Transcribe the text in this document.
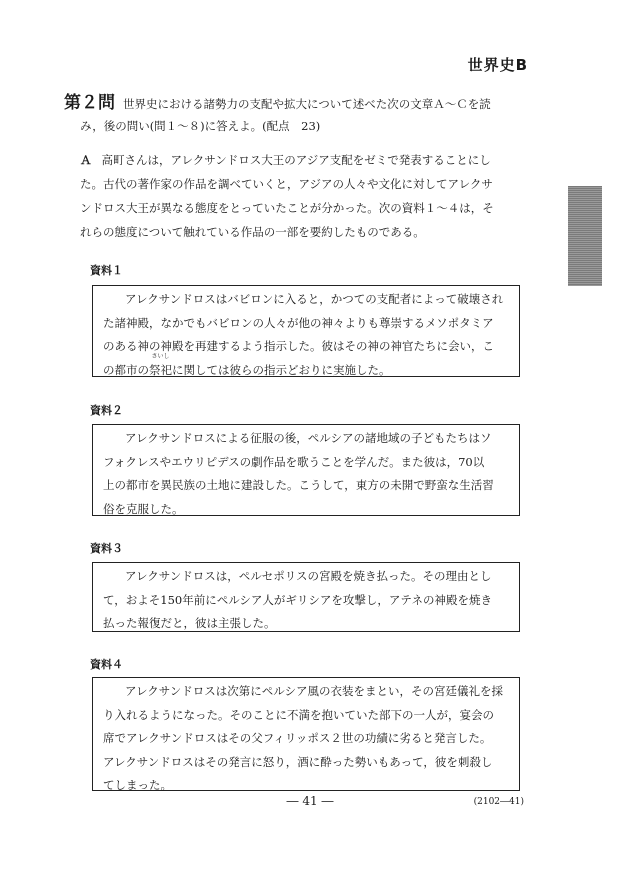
世界史B
第２問 世界史における諸勢力の支配や拡大について述べた次の文章Ａ～Ｃを読
み，後の問い(問１～８)に答えよ。(配点　23)
Ａ 高町さんは，アレクサンドロス大王のアジア支配をゼミで発表することにし
た。古代の著作家の作品を調べていくと，アジアの人々や文化に対してアレクサ
ンドロス大王が異なる態度をとっていたことが分かった。次の資料１～４は，そ
れらの態度について触れている作品の一部を要約したものである。
資料１
アレクサンドロスはバビロンに入ると，かつての支配者によって破壊され
た諸神殿，なかでもバビロンの人々が他の神々よりも尊崇するメソポタミア
のある神の神殿を再建するよう指示した。彼はその神の神官たちに会い，こ
の都市の
さいし
祭祀に関しては彼らの指示どおりに実施した。
資料２
アレクサンドロスによる征服の後，ペルシアの諸地域の子どもたちはソ
フォクレスやエウリピデスの劇作品を歌うことを学んだ。また彼は，70以
上の都市を異民族の土地に建設した。こうして，東方の未開で野蛮な生活習
俗を克服した。
資料３
アレクサンドロスは，ペルセポリスの宮殿を焼き払った。その理由とし
て，およそ150年前にペルシア人がギリシアを攻撃し，アテネの神殿を焼き
払った報復だと，彼は主張した。
資料４
アレクサンドロスは次第にペルシア風の衣装をまとい，その宮廷儀礼を採
り入れるようになった。そのことに不満を抱いていた部下の一人が，宴会の
席でアレクサンドロスはその父フィリッポス２世の功績に劣ると発言した。
アレクサンドロスはその発言に怒り，酒に酔った勢いもあって，彼を刺殺し
てしまった。
― 41 ―	(2102―41)
